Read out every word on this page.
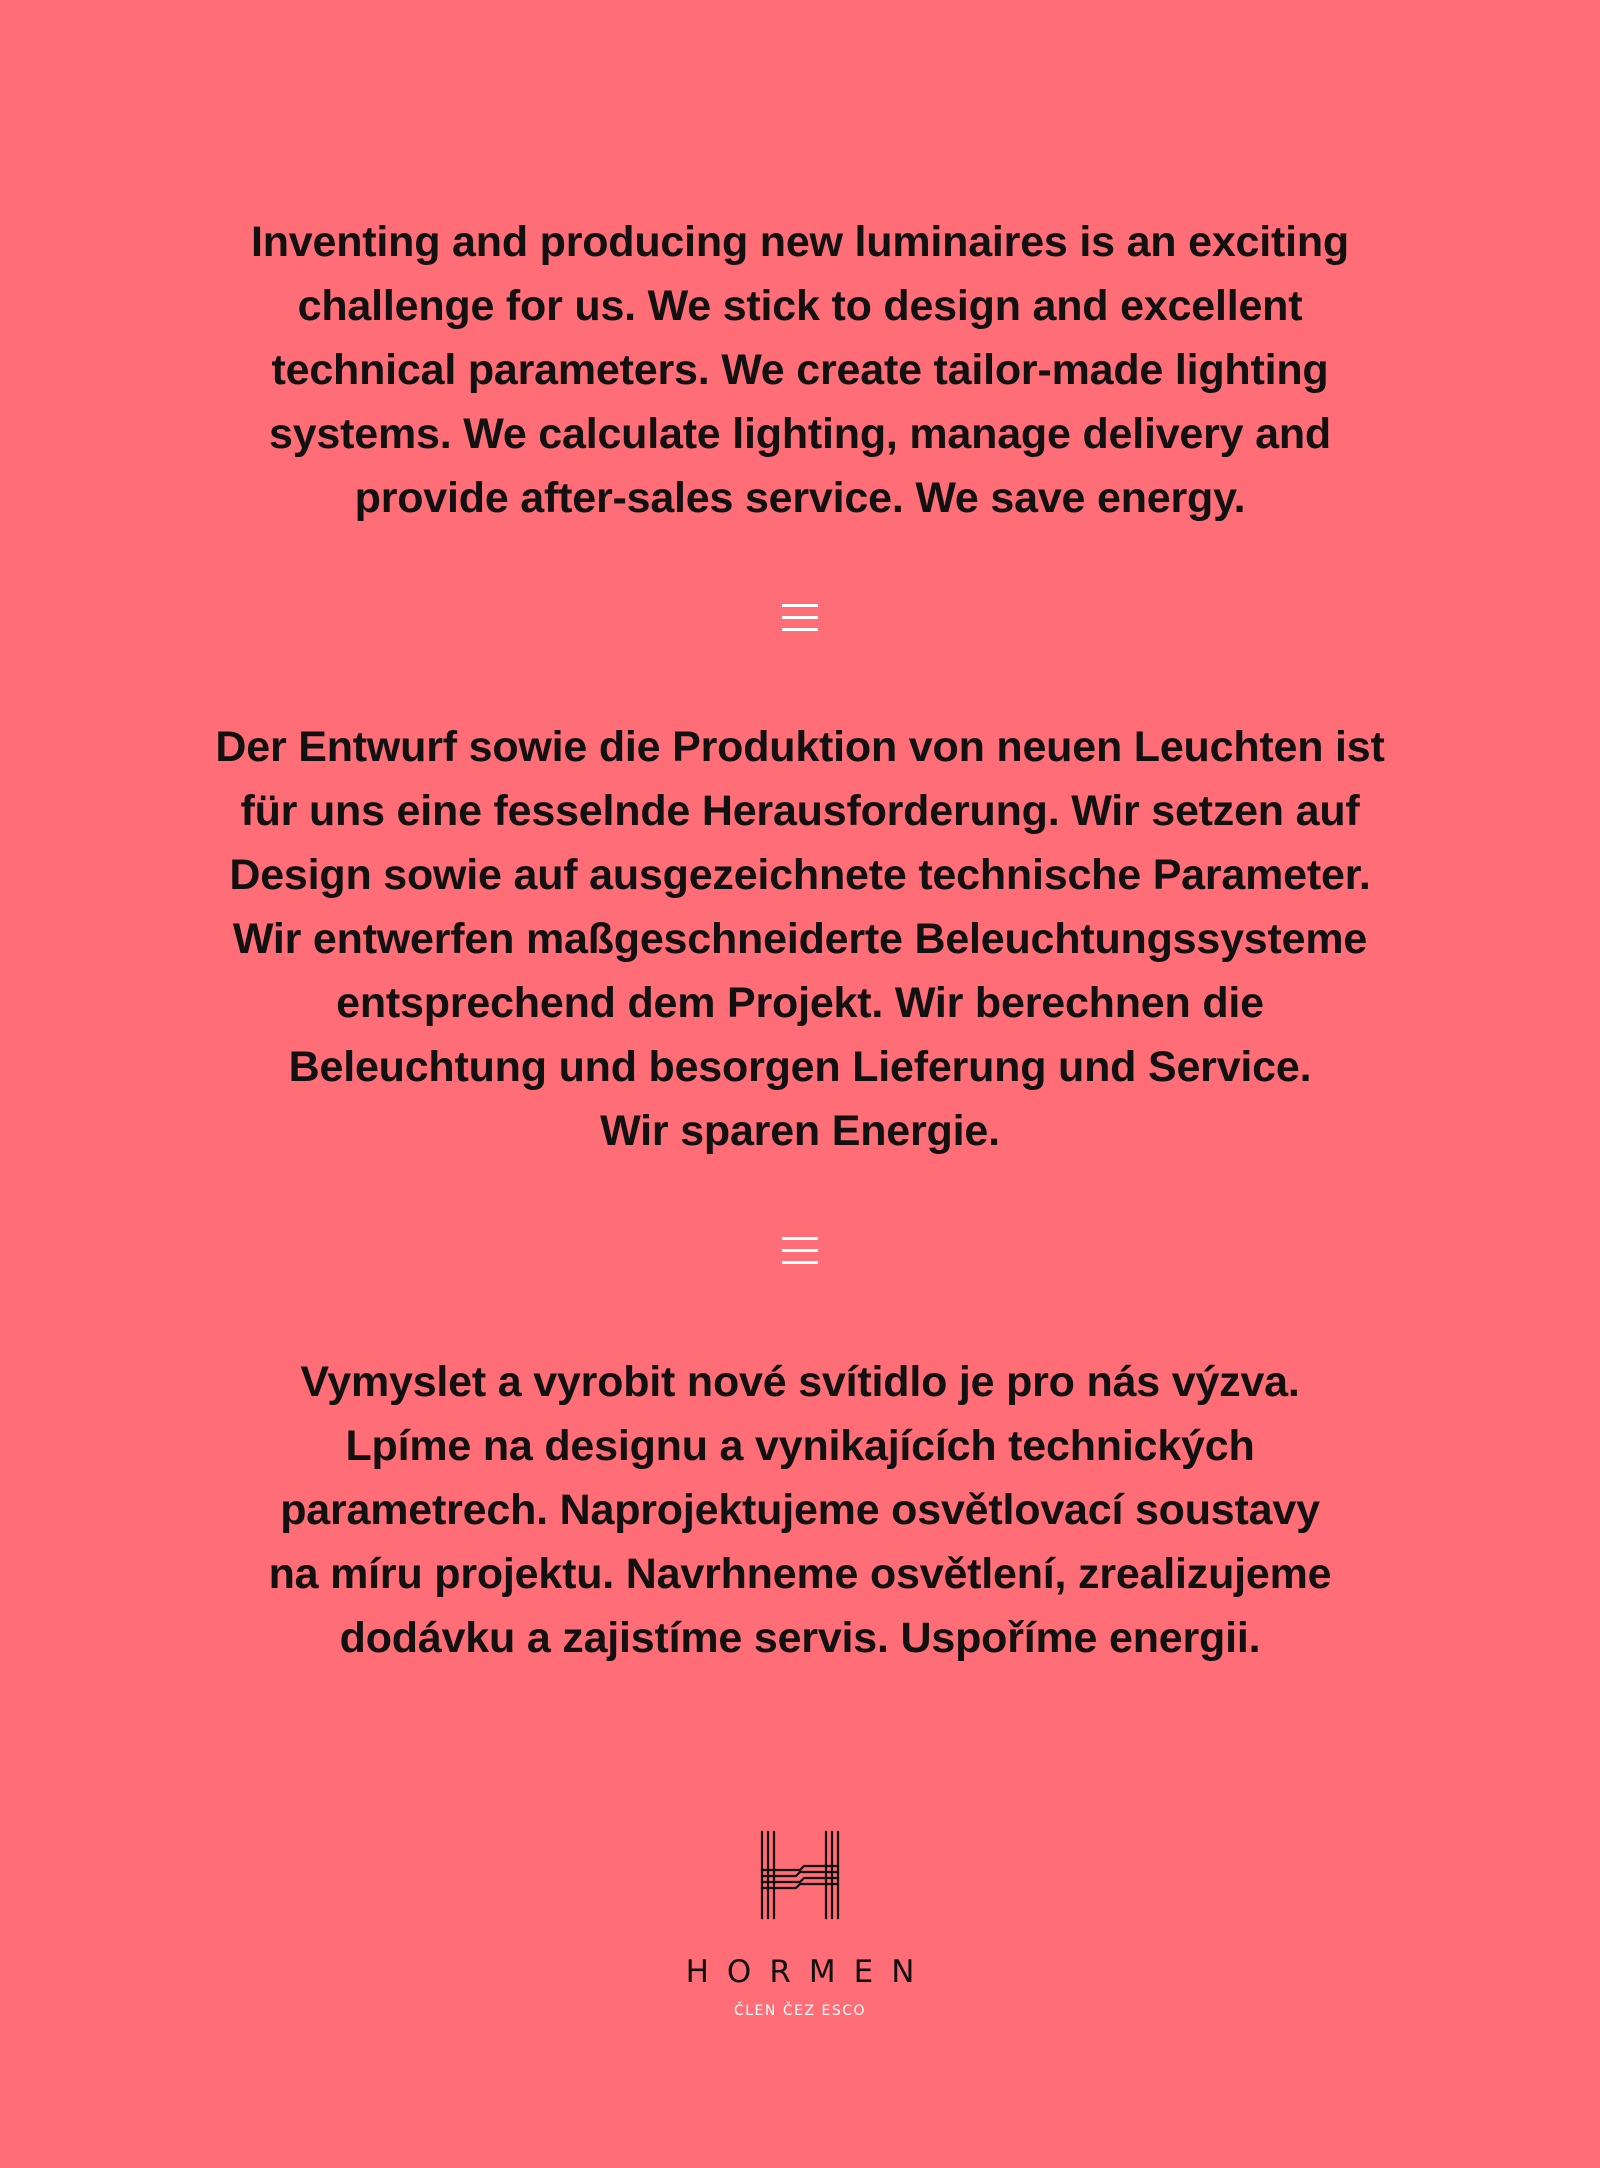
Inventing and producing new luminaires is an exciting
challenge for us. We stick to design and excellent
technical parameters. We create tailor-made lighting
systems. We calculate lighting, manage delivery and
provide after-sales service. We save energy.

Der Entwurf sowie die Produktion von neuen Leuchten ist
für uns eine fesselnde Herausforderung. Wir setzen auf
Design sowie auf ausgezeichnete technische Parameter.
Wir entwerfen maßgeschneiderte Beleuchtungssysteme
entsprechend dem Projekt. Wir berechnen die
Beleuchtung und besorgen Lieferung und Service.
Wir sparen Energie.

Vymyslet a vyrobit nové svítidlo je pro nás výzva.
Lpíme na designu a vynikajících technických
parametrech. Naprojektujeme osvětlovací soustavy
na míru projektu. Navrhneme osvětlení, zrealizujeme
dodávku a zajistíme servis. Uspoříme energii.

HORMEN
ČLEN ČEZ ESCO
